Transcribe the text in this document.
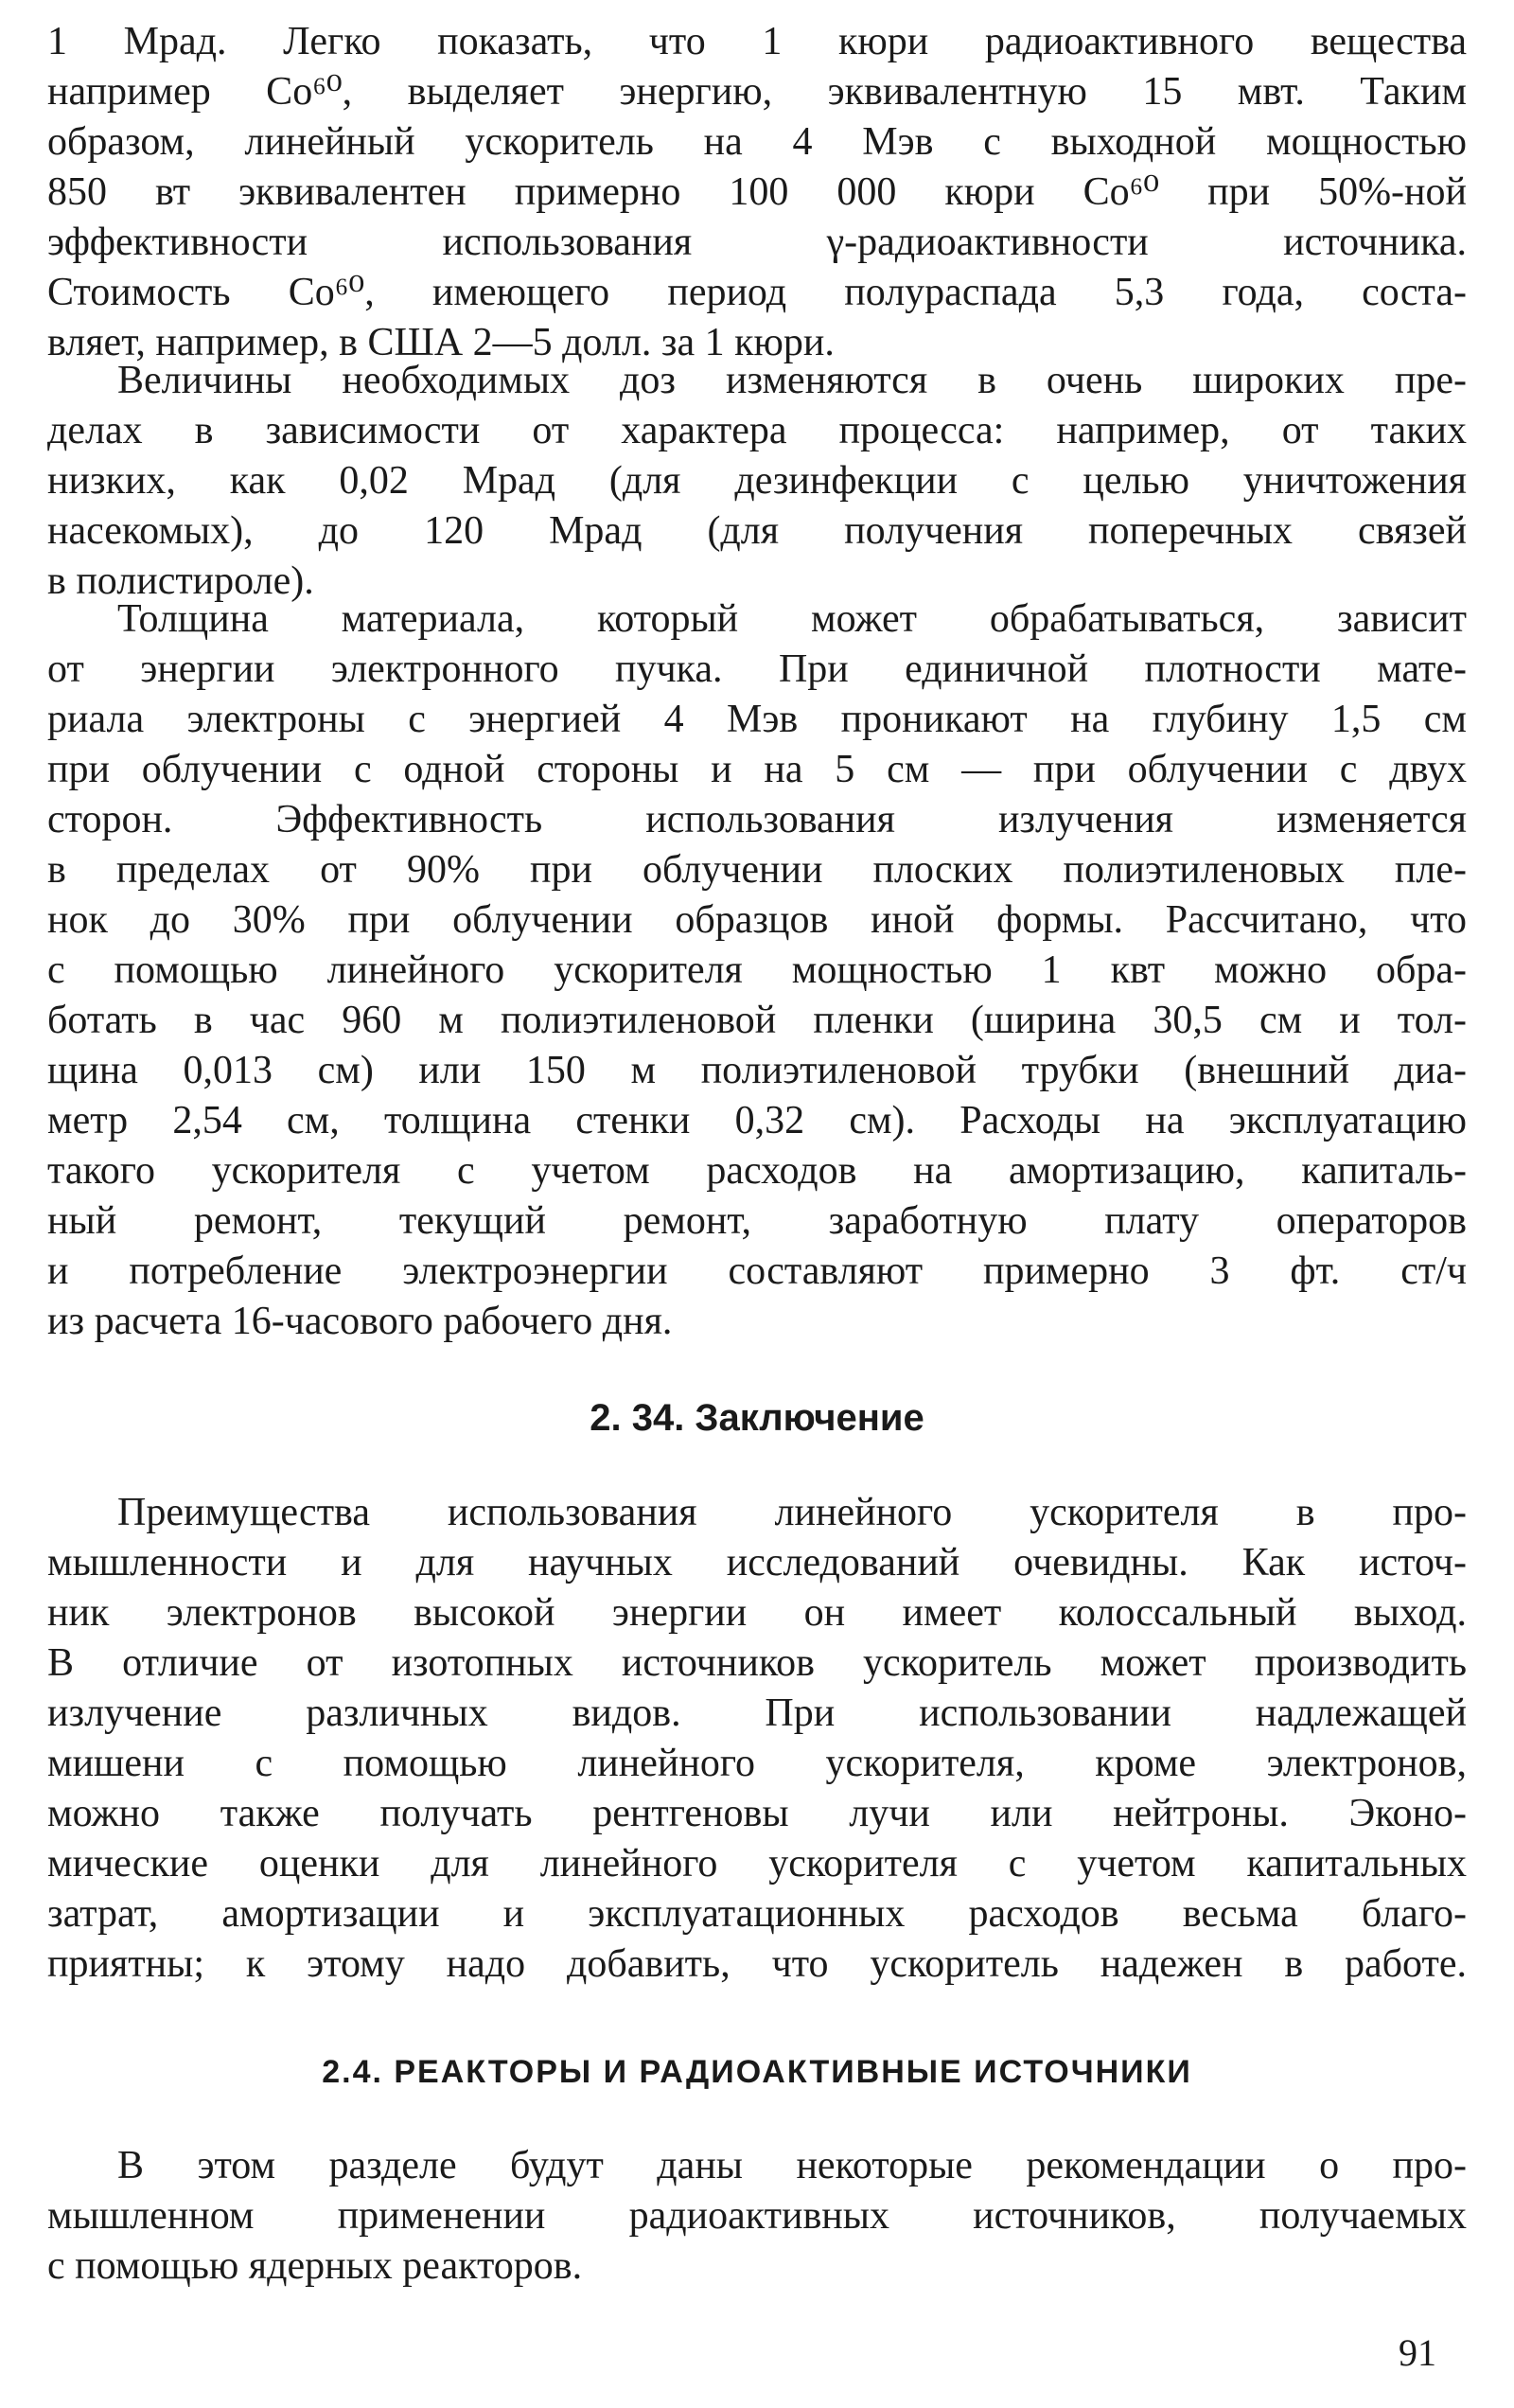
1 Мрад. Легко показать, что 1 кюри радиоактивного вещества
например Со⁶⁰, выделяет энергию, эквивалентную 15 мвт. Таким
образом, линейный ускоритель на 4 Мэв с выходной мощностью
850 вт эквивалентен примерно 100 000 кюри Со⁶⁰ при 50%-ной
эффективности использования γ-радиоактивности источника.
Стоимость Со⁶⁰, имеющего период полураспада 5,3 года, соста-
вляет, например, в США 2—5 долл. за 1 кюри.
Величины необходимых доз изменяются в очень широких пре-
делах в зависимости от характера процесса: например, от таких
низких, как 0,02 Мрад (для дезинфекции с целью уничтожения
насекомых), до 120 Мрад (для получения поперечных связей
в полистироле).
Толщина материала, который может обрабатываться, зависит
от энергии электронного пучка. При единичной плотности мате-
риала электроны с энергией 4 Мэв проникают на глубину 1,5 см
при облучении с одной стороны и на 5 см — при облучении с двух
сторон. Эффективность использования излучения изменяется
в пределах от 90% при облучении плоских полиэтиленовых пле-
нок до 30% при облучении образцов иной формы. Рассчитано, что
с помощью линейного ускорителя мощностью 1 квт можно обра-
ботать в час 960 м полиэтиленовой пленки (ширина 30,5 см и тол-
щина 0,013 см) или 150 м полиэтиленовой трубки (внешний диа-
метр 2,54 см, толщина стенки 0,32 см). Расходы на эксплуатацию
такого ускорителя с учетом расходов на амортизацию, капиталь-
ный ремонт, текущий ремонт, заработную плату операторов
и потребление электроэнергии составляют примерно 3 фт. ст/ч
из расчета 16-часового рабочего дня.
2. 34. Заключение
Преимущества использования линейного ускорителя в про-
мышленности и для научных исследований очевидны. Как источ-
ник электронов высокой энергии он имеет колоссальный выход.
В отличие от изотопных источников ускоритель может производить
излучение различных видов. При использовании надлежащей
мишени с помощью линейного ускорителя, кроме электронов,
можно также получать рентгеновы лучи или нейтроны. Эконо-
мические оценки для линейного ускорителя с учетом капитальных
затрат, амортизации и эксплуатационных расходов весьма благо-
приятны; к этому надо добавить, что ускоритель надежен в работе.
2.4. РЕАКТОРЫ И РАДИОАКТИВНЫЕ ИСТОЧНИКИ
В этом разделе будут даны некоторые рекомендации о про-
мышленном применении радиоактивных источников, получаемых
с помощью ядерных реакторов.
91
